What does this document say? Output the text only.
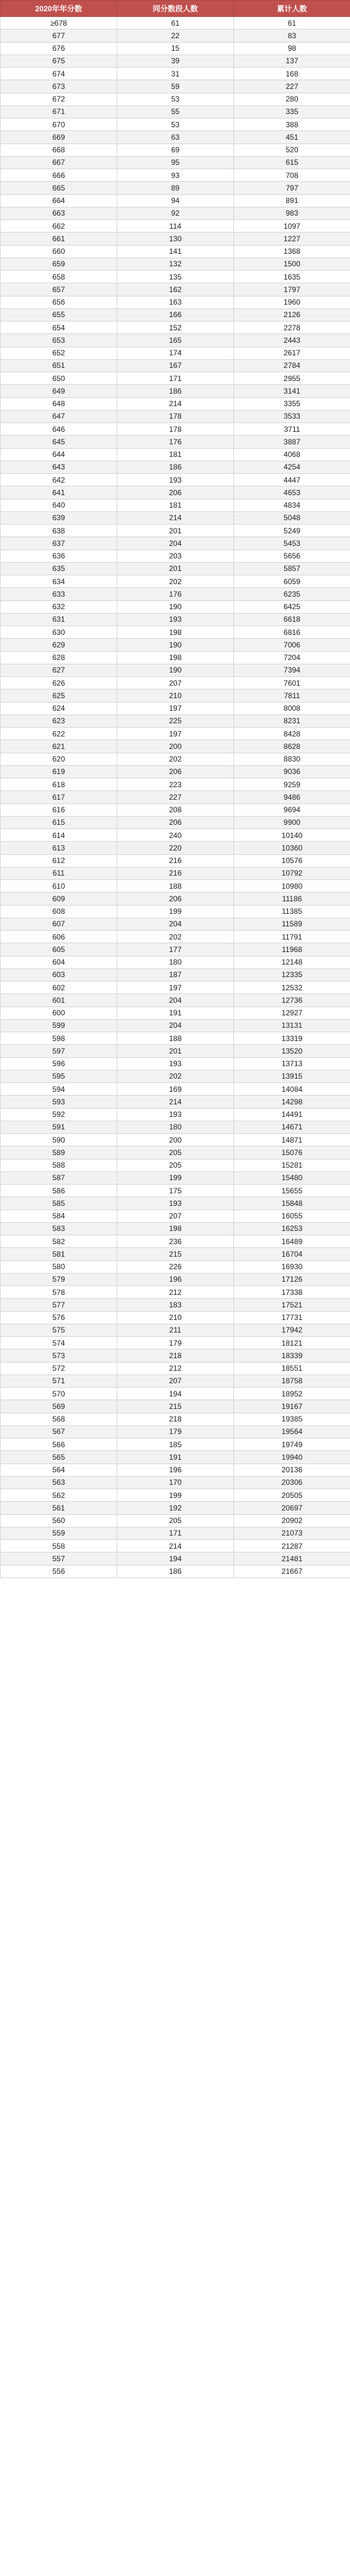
2020年年分数	同分数段人数	累计人数
≥678	61	61
677	22	83
676	15	98
675	39	137
674	31	168
673	59	227
672	53	280
671	55	335
670	53	388
669	63	451
668	69	520
667	95	615
666	93	708
665	89	797
664	94	891
663	92	983
662	114	1097
661	130	1227
660	141	1368
659	132	1500
658	135	1635
657	162	1797
656	163	1960
655	166	2126
654	152	2278
653	165	2443
652	174	2617
651	167	2784
650	171	2955
649	186	3141
648	214	3355
647	178	3533
646	178	3711
645	176	3887
644	181	4068
643	186	4254
642	193	4447
641	206	4653
640	181	4834
639	214	5048
638	201	5249
637	204	5453
636	203	5656
635	201	5857
634	202	6059
633	176	6235
632	190	6425
631	193	6618
630	198	6816
629	190	7006
628	198	7204
627	190	7394
626	207	7601
625	210	7811
624	197	8008
623	225	8231
622	197	8428
621	200	8628
620	202	8830
619	206	9036
618	223	9259
617	227	9486
616	208	9694
615	206	9900
614	240	10140
613	220	10360
612	216	10576
611	216	10792
610	188	10980
609	206	11186
608	199	11385
607	204	11589
606	202	11791
605	177	11968
604	180	12148
603	187	12335
602	197	12532
601	204	12736
600	191	12927
599	204	13131
598	188	13319
597	201	13520
596	193	13713
595	202	13915
594	169	14084
593	214	14298
592	193	14491
591	180	14671
590	200	14871
589	205	15076
588	205	15281
587	199	15480
586	175	15655
585	193	15848
584	207	16055
583	198	16253
582	236	16489
581	215	16704
580	226	16930
579	196	17126
578	212	17338
577	183	17521
576	210	17731
575	211	17942
574	179	18121
573	218	18339
572	212	18551
571	207	18758
570	194	18952
569	215	19167
568	218	19385
567	179	19564
566	185	19749
565	191	19940
564	196	20136
563	170	20306
562	199	20505
561	192	20697
560	205	20902
559	171	21073
558	214	21287
557	194	21481
556	186	21667
